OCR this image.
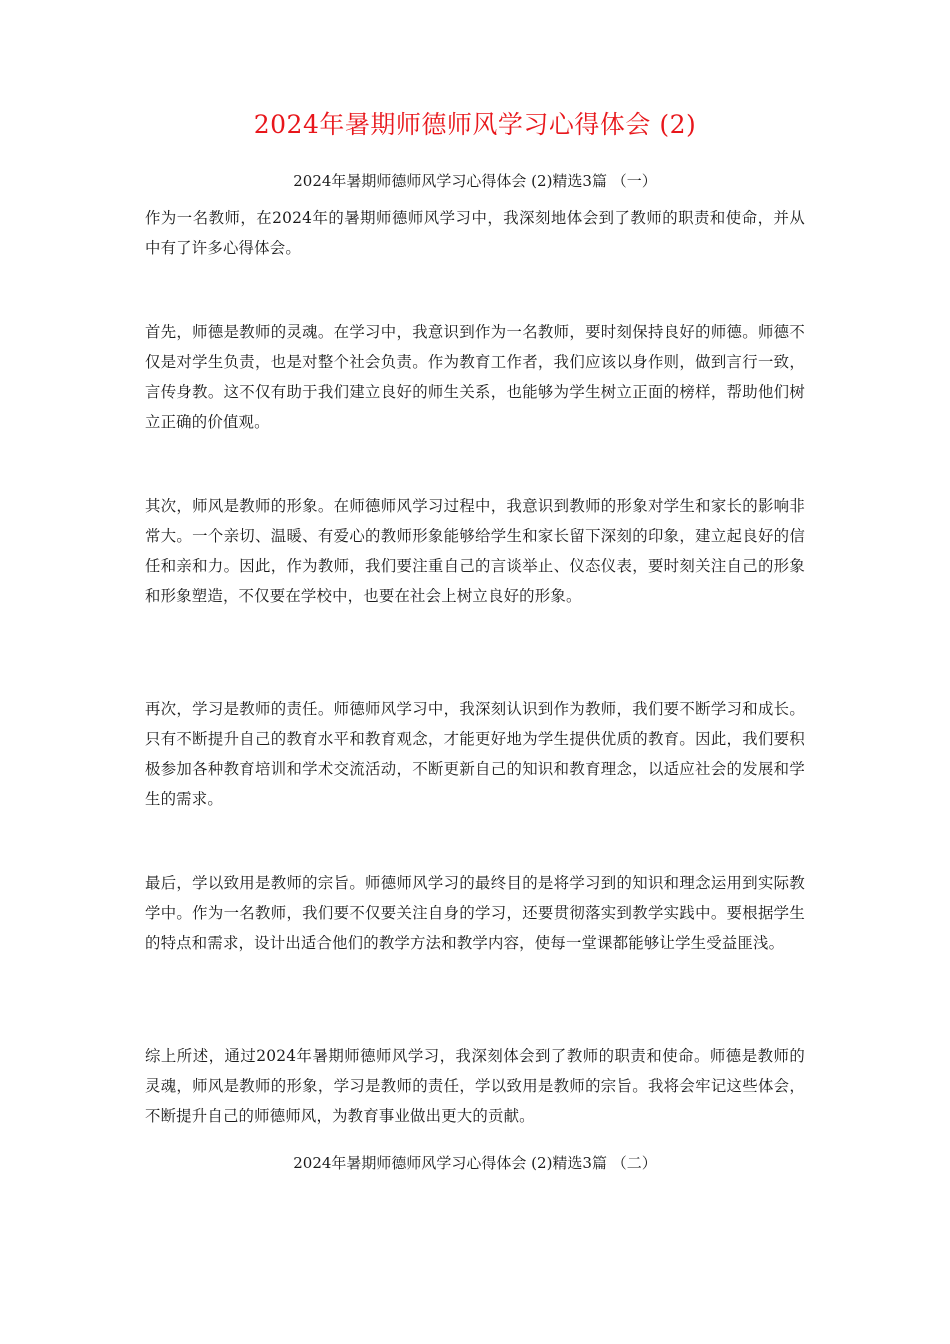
2024年暑期师德师风学习心得体会 (2)
2024年暑期师德师风学习心得体会 (2)精选3篇 （一）

作为一名教师，在2024年的暑期师德师风学习中，我深刻地体会到了教师的职责和使命，并从中有了许多心得体会。

首先，师德是教师的灵魂。在学习中，我意识到作为一名教师，要时刻保持良好的师德。师德不仅是对学生负责，也是对整个社会负责。作为教育工作者，我们应该以身作则，做到言行一致，言传身教。这不仅有助于我们建立良好的师生关系，也能够为学生树立正面的榜样，帮助他们树立正确的价值观。

其次，师风是教师的形象。在师德师风学习过程中，我意识到教师的形象对学生和家长的影响非常大。一个亲切、温暖、有爱心的教师形象能够给学生和家长留下深刻的印象，建立起良好的信任和亲和力。因此，作为教师，我们要注重自己的言谈举止、仪态仪表，要时刻关注自己的形象和形象塑造，不仅要在学校中，也要在社会上树立良好的形象。

再次，学习是教师的责任。师德师风学习中，我深刻认识到作为教师，我们要不断学习和成长。只有不断提升自己的教育水平和教育观念，才能更好地为学生提供优质的教育。因此，我们要积极参加各种教育培训和学术交流活动，不断更新自己的知识和教育理念，以适应社会的发展和学生的需求。

最后，学以致用是教师的宗旨。师德师风学习的最终目的是将学习到的知识和理念运用到实际教学中。作为一名教师，我们要不仅要关注自身的学习，还要贯彻落实到教学实践中。要根据学生的特点和需求，设计出适合他们的教学方法和教学内容，使每一堂课都能够让学生受益匪浅。

综上所述，通过2024年暑期师德师风学习，我深刻体会到了教师的职责和使命。师德是教师的灵魂，师风是教师的形象，学习是教师的责任，学以致用是教师的宗旨。我将会牢记这些体会，不断提升自己的师德师风，为教育事业做出更大的贡献。

2024年暑期师德师风学习心得体会 (2)精选3篇 （二）
